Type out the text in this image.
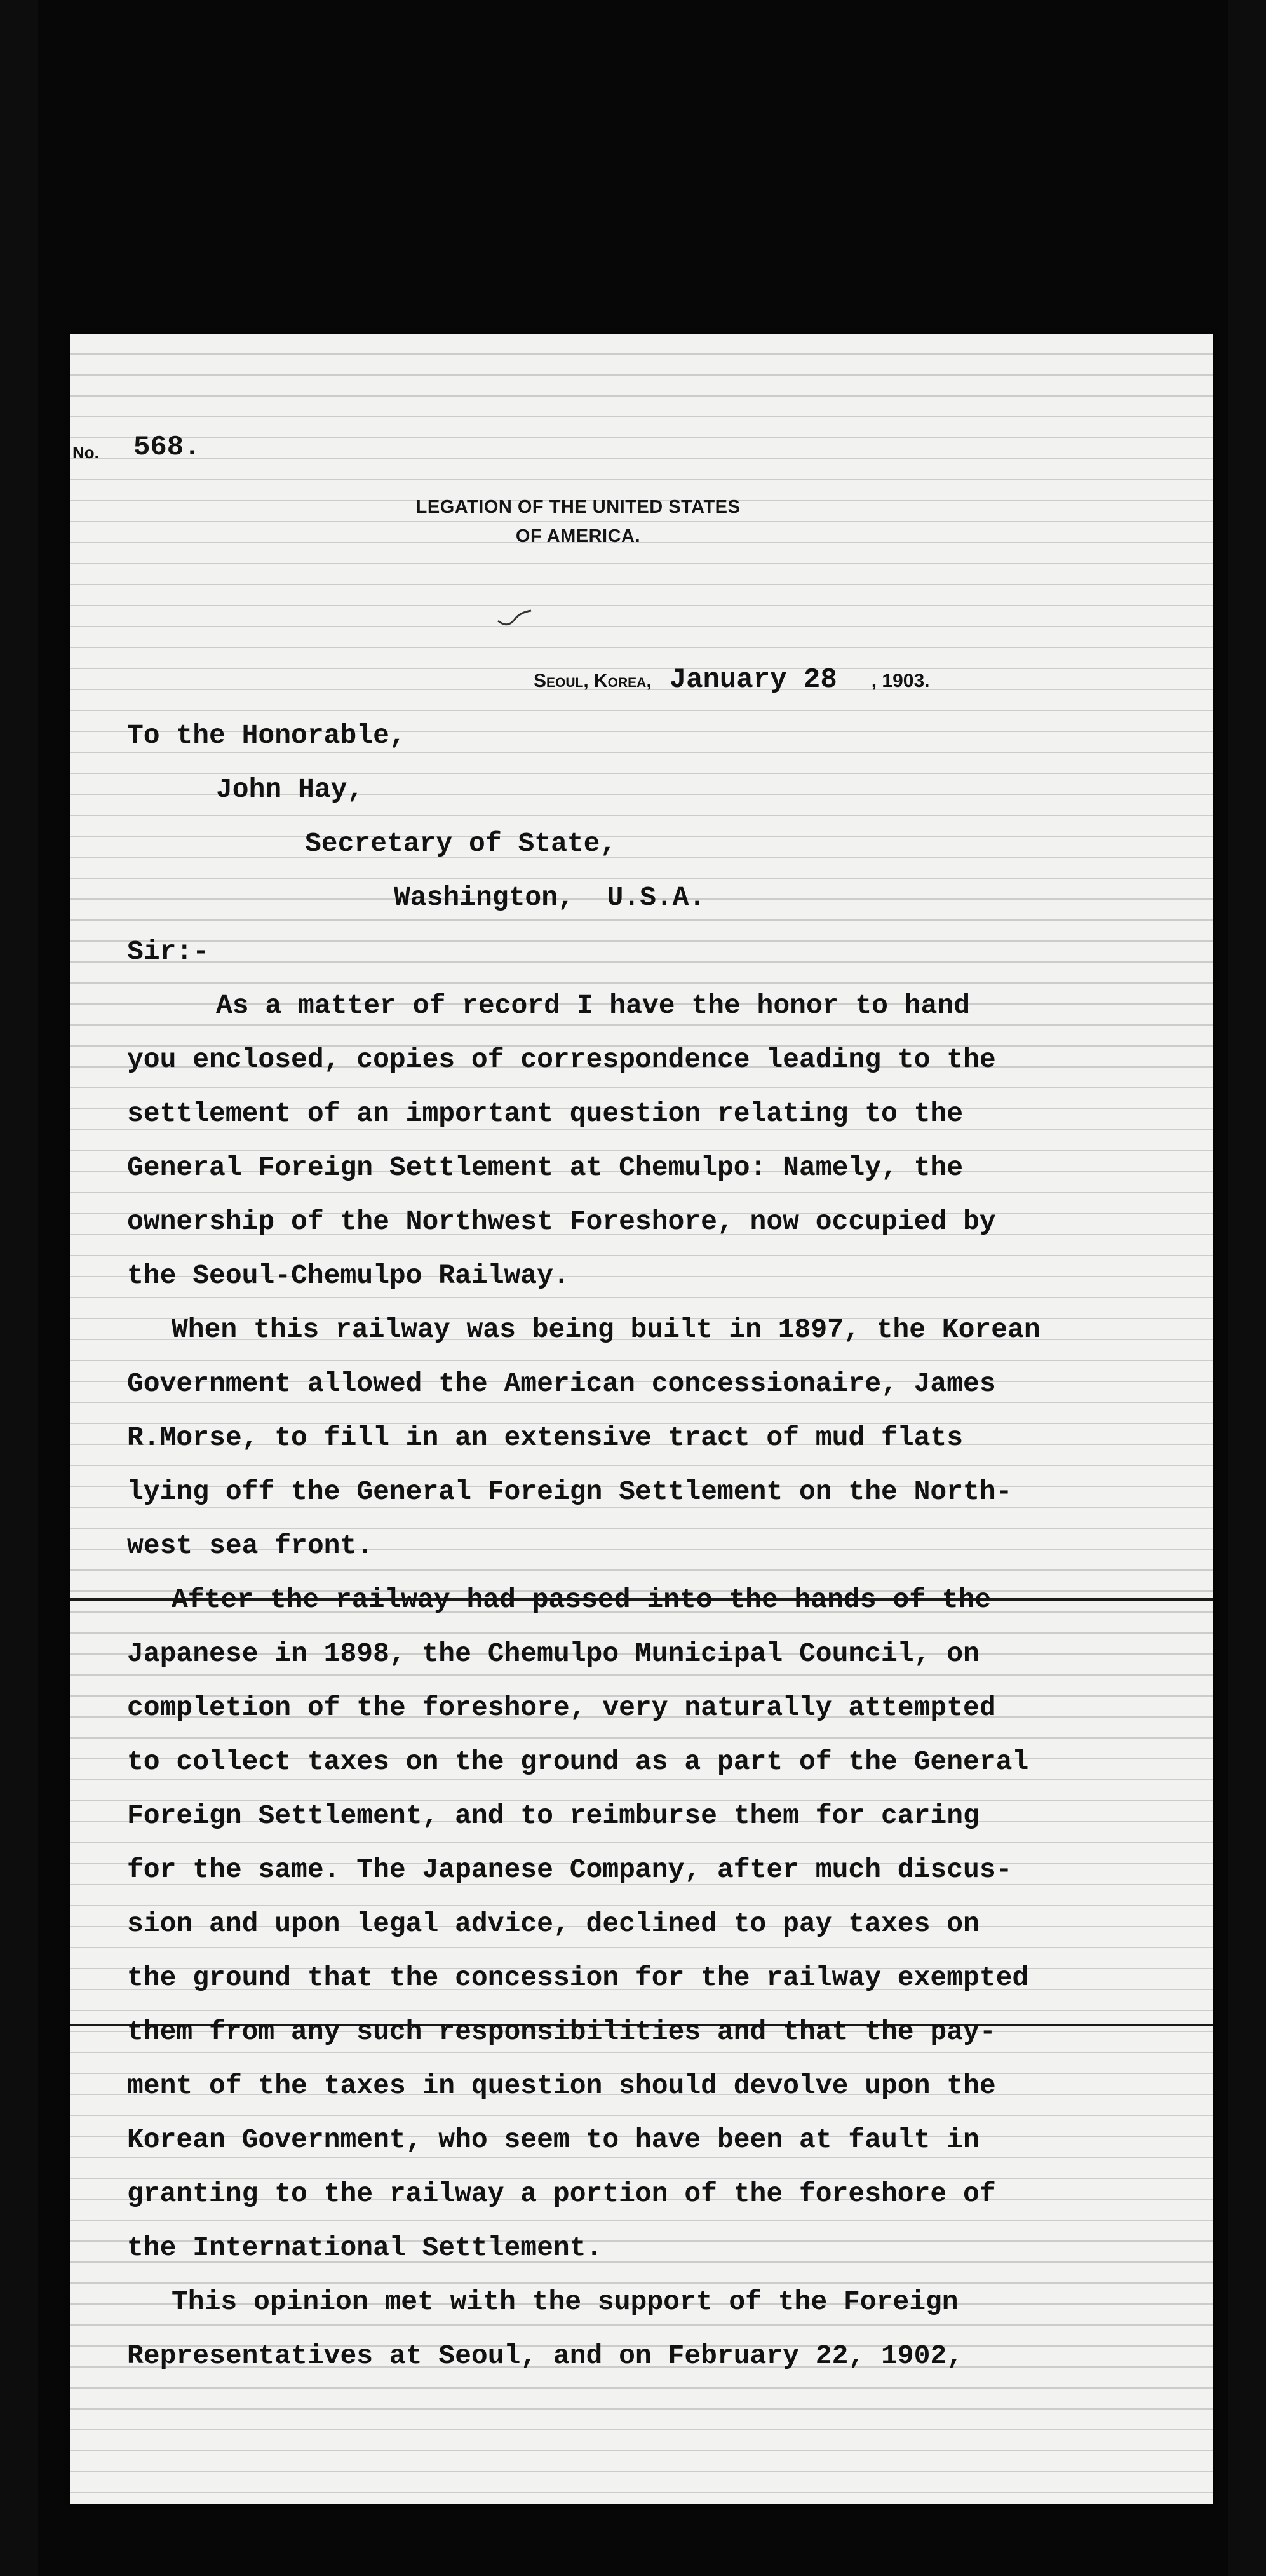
No. 568.
LEGATION OF THE UNITED STATES
OF AMERICA.
Seoul, Korea, January 28 , 1903.
To the Honorable,
John Hay,
Secretary of State,
Washington,  U.S.A.
Sir:-
As a matter of record I have the honor to hand
you enclosed, copies of correspondence leading to the
settlement of an important question relating to the
General Foreign Settlement at Chemulpo: Namely, the
ownership of the Northwest Foreshore, now occupied by
the Seoul-Chemulpo Railway.
When this railway was being built in 1897, the Korean
Government allowed the American concessionaire, James
R.Morse, to fill in an extensive tract of mud flats
lying off the General Foreign Settlement on the North-
west sea front.
After the railway had passed into the hands of the
Japanese in 1898, the Chemulpo Municipal Council, on
completion of the foreshore, very naturally attempted
to collect taxes on the ground as a part of the General
Foreign Settlement, and to reimburse them for caring
for the same. The Japanese Company, after much discus-
sion and upon legal advice, declined to pay taxes on
the ground that the concession for the railway exempted
them from any such responsibilities and that the pay-
ment of the taxes in question should devolve upon the
Korean Government, who seem to have been at fault in
granting to the railway a portion of the foreshore of
the International Settlement.
This opinion met with the support of the Foreign
Representatives at Seoul, and on February 22, 1902,
